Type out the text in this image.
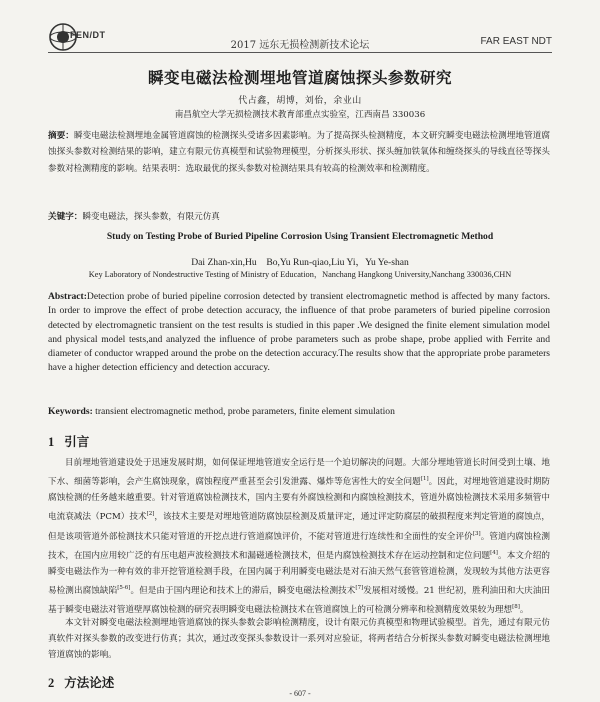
FEN/DT
2017 远东无损检测新技术论坛	FAR EAST NDT
瞬变电磁法检测埋地管道腐蚀探头参数研究
代占鑫，胡博，刘佁，余业山
南昌航空大学无损检测技术教育部重点实验室，江西南昌 330036

摘要：瞬变电磁法检测埋地金属管道腐蚀的检测探头受诸多因素影响。为了提高探头检测精度，本文研究瞬变电磁法检测埋地管道腐蚀探头参数对检测结果的影响，建立有限元仿真模型和试验物理模型，分析探头形状、探头缠加铁氧体和缠绕探头的导线直径等探头参数对检测精度的影响。结果表明：选取最优的探头参数对检测结果具有较高的检测效率和检测精度。

关键字：瞬变电磁法，探头参数，有限元仿真

Study on Testing Probe of Buried Pipeline Corrosion Using Transient Electromagnetic Method
Dai Zhan-xin,Hu　Bo,Yu Run-qiao,Liu Yi，Yu Ye-shan
Key Laboratory of Nondestructive Testing of Ministry of Education，Nanchang Hangkong University,Nanchang 330036,CHN

Abstract:Detection probe of buried pipeline corrosion detected by transient electromagnetic method is affected by many factors. In order to improve the effect of probe detection accuracy, the influence of that probe parameters of buried pipeline corrosion detected by electromagnetic transient on the test results is studied in this paper .We designed the finite element simulation model and physical model tests,and analyzed the influence of probe parameters such as probe shape, probe applied with Ferrite and diameter of conductor wrapped around the probe on the detection accuracy.The results show that the appropriate probe parameters have a higher detection efficiency and detection accuracy.

Keywords: transient electromagnetic method, probe parameters, finite element simulation

1 引言

目前埋地管道建设处于迅速发展时期，如何保证埋地管道安全运行是一个迫切解决的问题。大部分埋地管道长时间受到土壤、地下水、细菌等影响，会产生腐蚀现象，腐蚀程度严重甚至会引发泄露、爆炸等危害性大的安全问题[1]。因此，对埋地管道建设时期防腐蚀检测的任务越来越重要。针对管道腐蚀检测技术，国内主要有外腐蚀检测和内腐蚀检测技术，管道外腐蚀检测技术采用多频管中电流衰减法（PCM）技术[2]，该技术主要是对埋地管道防腐蚀层检测及质量评定，通过评定防腐层的破损程度来判定管道的腐蚀点，但是该项管道外部检测技术只能对管道的开挖点进行管道腐蚀评价，不能对管道进行连续性和全面性的安全评价[3]。管道内腐蚀检测技术，在国内应用较广泛的有压电超声波检测技术和漏磁通检测技术，但是内腐蚀检测技术存在运动控制和定位问题[4]。本文介绍的瞬变电磁法作为一种有效的非开挖管道检测手段，在国内属于利用瞬变电磁法是对石油天然气套管管道检测，发现较为其他方法更容易检测出腐蚀缺陷[5-6]。但是由于国内理论和技术上的滞后，瞬变电磁法检测技术[7]发展相对缓慢。21 世纪初，胜利油田和大庆油田基于瞬变电磁法对管道壁厚腐蚀检测的研究表明瞬变电磁法检测技术在管道腐蚀上的可检测分辨率和检测精度效果较为理想[8]。

本文针对瞬变电磁法检测埋地管道腐蚀的探头参数会影响检测精度，设计有限元仿真模型和物理试验模型。首先，通过有限元仿真软件对探头参数的改变进行仿真；其次，通过改变探头参数设计一系列对应验证，将两者结合分析探头参数对瞬变电磁法检测埋地管道腐蚀的影响。

2 方法论述
- 607 -
